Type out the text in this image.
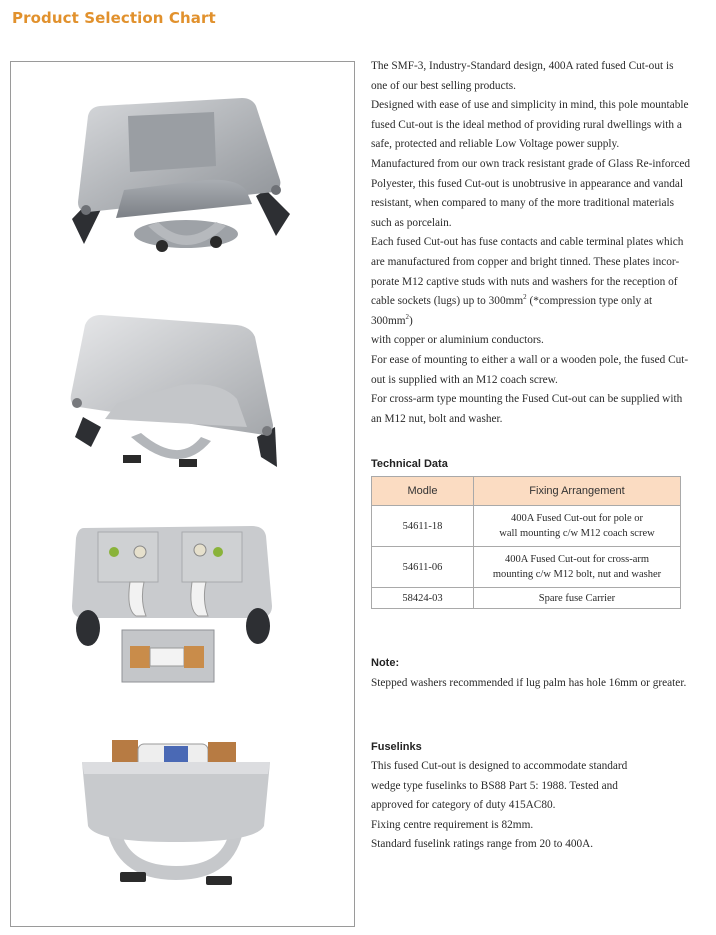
Product Selection Chart

The SMF-3, Industry-Standard design, 400A rated fused Cut-out is

one of our best selling products.

Designed with ease of use and simplicity in mind, this pole mountable

fused Cut-out is the ideal method of providing rural dwellings with a

safe, protected and reliable Low Voltage power supply.

Manufactured from our own track resistant grade of Glass Re-inforced

Polyester, this fused Cut-out is unobtrusive in appearance and vandal

resistant, when compared to many of the more traditional materials

such as porcelain.

Each fused Cut-out has fuse contacts and cable terminal plates which

are manufactured from copper and bright tinned. These plates incor-

porate M12 captive studs with nuts and washers for the reception of

cable sockets (lugs) up to $300mm^2$ (*compression type only at $300mm^2$)

with copper or aluminium conductors.

For ease of mounting to either a wall or a wooden pole, the fused Cut-

out is supplied with an M12 coach screw.

For cross-arm type mounting the Fused Cut-out can be supplied with

an M12 nut, bolt and washer.

Technical Data
Modle	Fixing Arrangement
54611-18	400A Fused Cut-out for pole or
wall mounting c/w M12 coach screw
54611-06	400A Fused Cut-out for cross-arm
mounting c/w M12 bolt, nut and washer
58424-03	Spare fuse Carrier
Note:

Stepped washers recommended if lug palm has hole 16mm or greater.

Fuselinks

This fused Cut-out is designed to accommodate standard

wedge type fuselinks to BS88 Part 5: 1988. Tested and

approved for category of duty 415AC80.

Fixing centre requirement is 82mm.

Standard fuselink ratings range from 20 to 400A.
